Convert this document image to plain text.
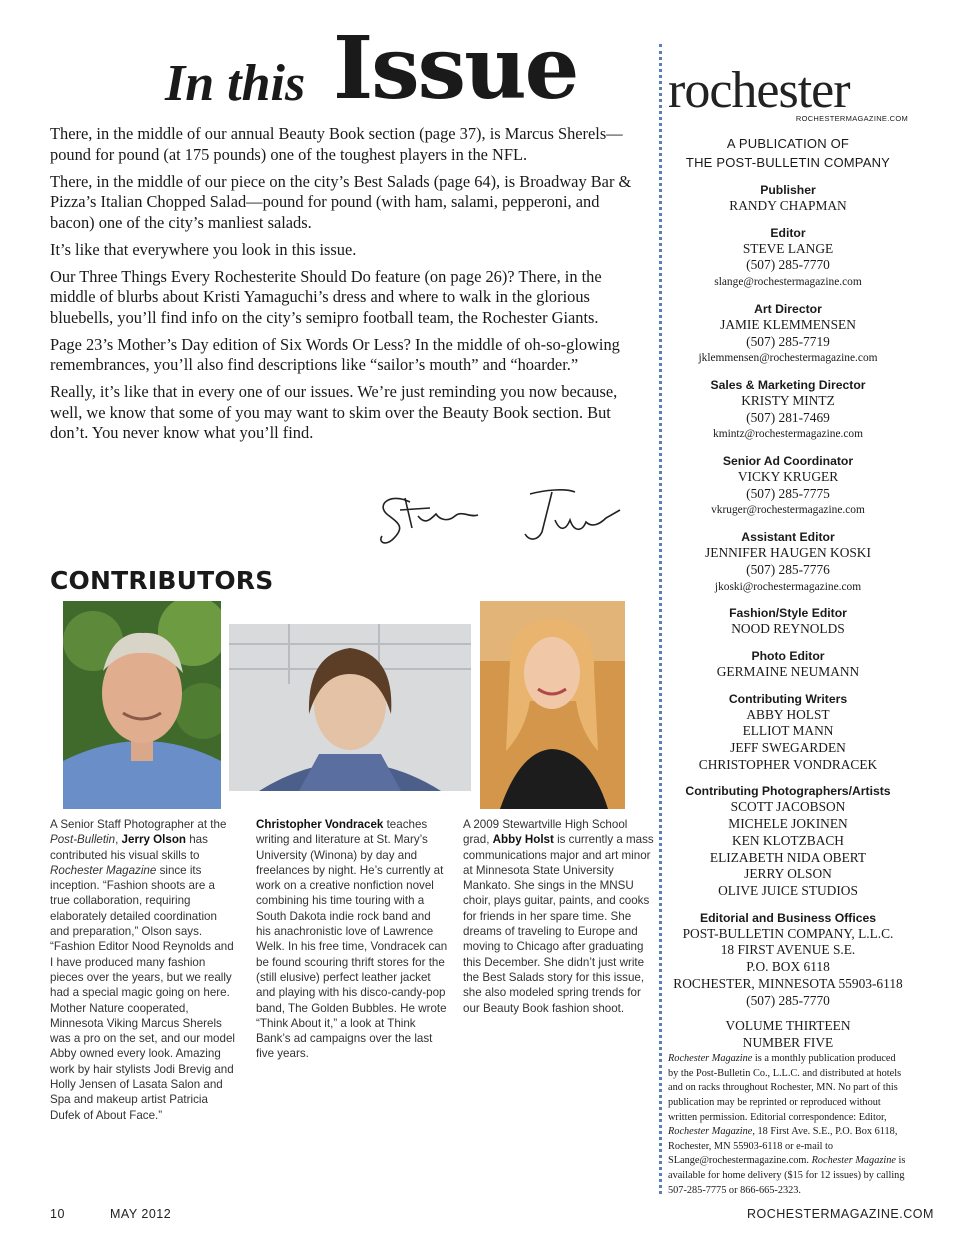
In this Issue

There, in the middle of our annual Beauty Book section (page 37), is Marcus Sherels—pound for pound (at 175 pounds) one of the toughest players in the NFL.

There, in the middle of our piece on the city’s Best Salads (page 64), is Broadway Bar & Pizza’s Italian Chopped Salad—pound for pound (with ham, salami, pepperoni, and bacon) one of the city’s manliest salads.

It’s like that everywhere you look in this issue.

Our Three Things Every Rochesterite Should Do feature (on page 26)? There, in the middle of blurbs about Kristi Yamaguchi’s dress and where to walk in the glorious bluebells, you’ll find info on the city’s semipro football team, the Rochester Giants.

Page 23’s Mother’s Day edition of Six Words Or Less? In the middle of oh-so-glowing remembrances, you’ll also find descriptions like “sailor’s mouth” and “hoarder.”

Really, it’s like that in every one of our issues. We’re just reminding you now because, well, we know that some of you may want to skim over the Beauty Book section. But don’t. You never know what you’ll find.

CONTRIBUTORS
A Senior Staff Photographer at the Post-Bulletin, Jerry Olson has contributed his visual skills to Rochester Magazine since its inception. “Fashion shoots are a true collaboration, requiring elaborately detailed coordination and preparation,” Olson says. “Fashion Editor Nood Reynolds and I have produced many fashion pieces over the years, but we really had a special magic going on here. Mother Nature cooperated, Minnesota Viking Marcus Sherels was a pro on the set, and our model Abby owned every look. Amazing work by hair stylists Jodi Brevig and Holly Jensen of Lasata Salon and Spa and makeup artist Patricia Dufek of About Face.”
Christopher Vondracek teaches writing and literature at St. Mary’s University (Winona) by day and freelances by night. He’s currently at work on a creative nonfiction novel combining his time touring with a South Dakota indie rock band and his anachronistic love of Lawrence Welk. In his free time, Vondracek can be found scouring thrift stores for the (still elusive) perfect leather jacket and playing with his disco-candy-pop band, The Golden Bubbles. He wrote “Think About it,” a look at Think Bank’s ad campaigns over the last five years.
A 2009 Stewartville High School grad, Abby Holst is currently a mass communications major and art minor at Minnesota State University Mankato. She sings in the MNSU choir, plays guitar, paints, and cooks for friends in her spare time. She dreams of traveling to Europe and moving to Chicago after graduating this December. She didn’t just write the Best Salads story for this issue, she also modeled spring trends for our Beauty Book fashion shoot.
rochester
ROCHESTERMAGAZINE.COM
A PUBLICATION OF
THE POST-BULLETIN COMPANY
Publisher
RANDY CHAPMAN
Editor
STEVE LANGE
(507) 285-7770
slange@rochestermagazine.com
Art Director
JAMIE KLEMMENSEN
(507) 285-7719
jklemmensen@rochestermagazine.com
Sales & Marketing Director
KRISTY MINTZ
(507) 281-7469
kmintz@rochestermagazine.com
Senior Ad Coordinator
VICKY KRUGER
(507) 285-7775
vkruger@rochestermagazine.com
Assistant Editor
JENNIFER HAUGEN KOSKI
(507) 285-7776
jkoski@rochestermagazine.com
Fashion/Style Editor
NOOD REYNOLDS
Photo Editor
GERMAINE NEUMANN
Contributing Writers
ABBY HOLST
ELLIOT MANN
JEFF SWEGARDEN
CHRISTOPHER VONDRACEK
Contributing Photographers/Artists
SCOTT JACOBSON
MICHELE JOKINEN
KEN KLOTZBACH
ELIZABETH NIDA OBERT
JERRY OLSON
OLIVE JUICE STUDIOS
Editorial and Business Offices
POST-BULLETIN COMPANY, L.L.C.
18 FIRST AVENUE S.E.
P.O. BOX 6118
ROCHESTER, MINNESOTA 55903-6118
(507) 285-7770
VOLUME THIRTEEN
NUMBER FIVE
Rochester Magazine is a monthly publication produced by the Post-Bulletin Co., L.L.C. and distributed at hotels and on racks throughout Rochester, MN. No part of this publication may be reprinted or reproduced without written permission. Editorial correspondence: Editor, Rochester Magazine, 18 First Ave. S.E., P.O. Box 6118, Rochester, MN 55903-6118 or e-mail to SLange@rochestermagazine.com. Rochester Magazine is available for home delivery ($15 for 12 issues) by calling 507-285-7775 or 866-665-2323.
10	MAY 2012	ROCHESTERMAGAZINE.COM
